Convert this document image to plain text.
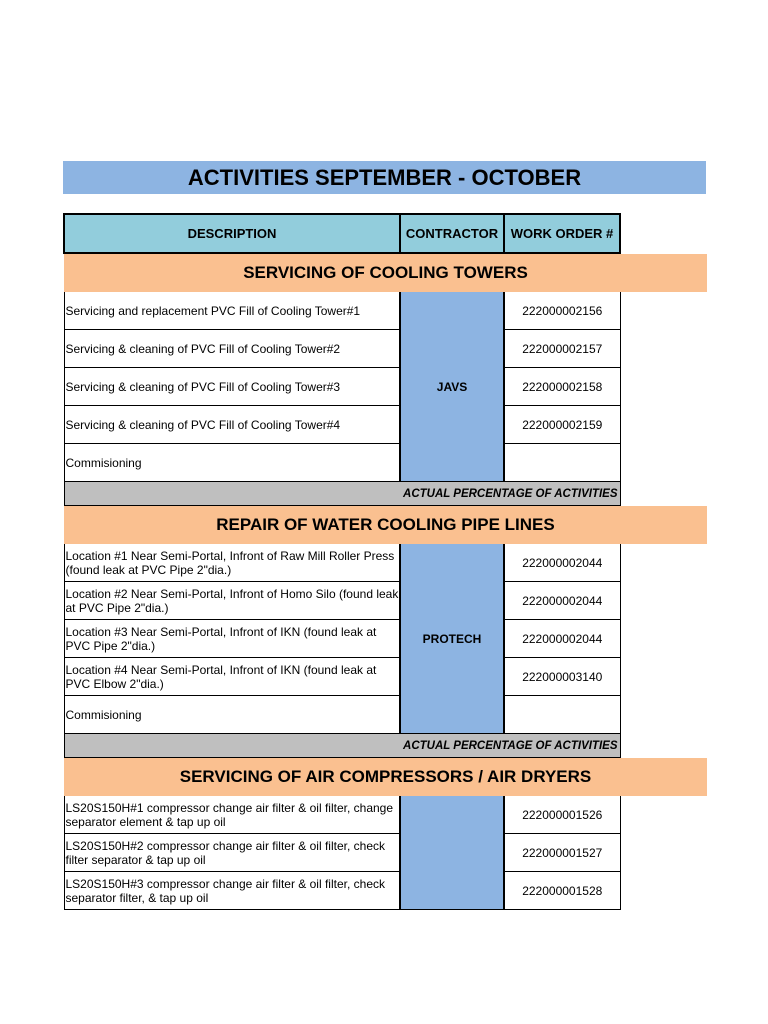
ACTIVITIES SEPTEMBER - OCTOBER
DESCRIPTION	CONTRACTOR	WORK ORDER #

SERVICING OF COOLING TOWERS		

Servicing and replacement PVC Fill of Cooling Tower#1	JAVS	222000002156
Servicing & cleaning of PVC Fill of Cooling Tower#2		222000002157
Servicing & cleaning of PVC Fill of Cooling Tower#3		222000002158
Servicing & cleaning of PVC Fill of Cooling Tower#4		222000002159
Commisioning		
ACTUAL PERCENTAGE OF ACTIVITIES		

REPAIR OF WATER COOLING PIPE LINES		

Location #1 Near Semi-Portal, Infront of Raw Mill Roller Press (found leak at PVC Pipe 2"dia.)	PROTECH	222000002044
Location #2 Near Semi-Portal, Infront of Homo Silo (found leak at PVC Pipe 2"dia.)		222000002044
Location #3 Near Semi-Portal, Infront of IKN (found leak at PVC Pipe 2"dia.)		222000002044
Location #4 Near Semi-Portal, Infront of IKN (found leak at PVC Elbow 2"dia.)		222000003140
Commisioning		
ACTUAL PERCENTAGE OF ACTIVITIES		

SERVICING OF AIR COMPRESSORS / AIR DRYERS		

LS20S150H#1 compressor change air filter & oil filter, change separator element & tap up oil		222000001526
LS20S150H#2 compressor change air filter & oil filter, check filter separator & tap up oil		222000001527
LS20S150H#3 compressor change air filter & oil filter, check separator filter, & tap up oil		222000001528
